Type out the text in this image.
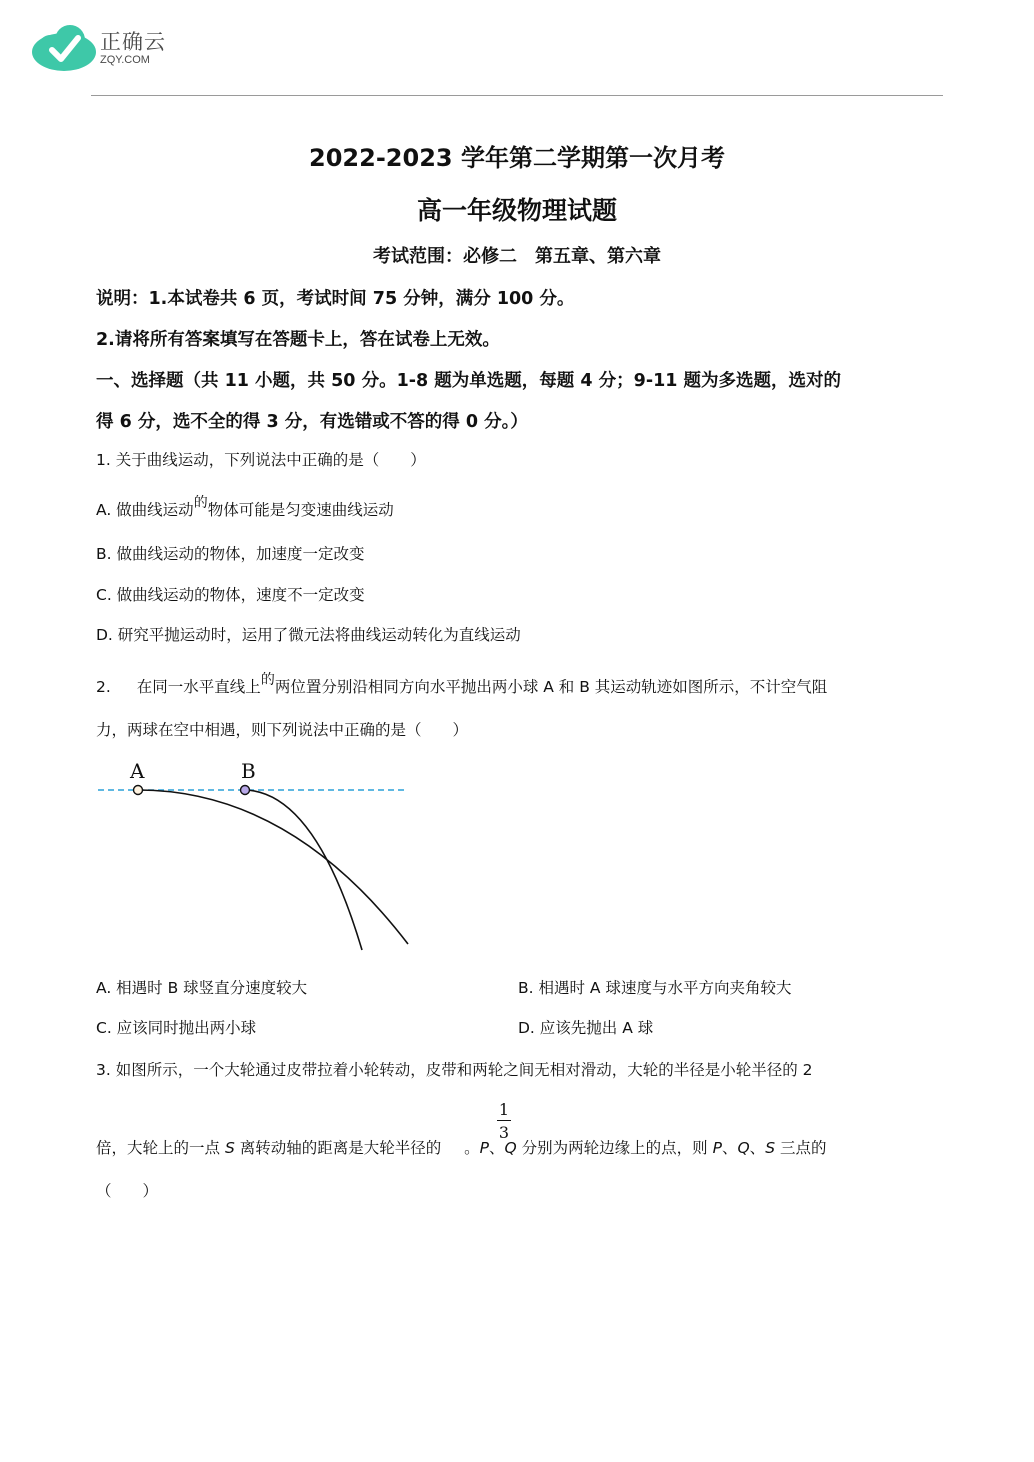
正确云
ZQY.COM
2022-2023 学年第二学期第一次月考
高一年级物理试题
考试范围：必修二　第五章、第六章
说明：1.本试卷共 6 页，考试时间 75 分钟，满分 100 分。
2.请将所有答案填写在答题卡上，答在试卷上无效。
一、选择题（共 11 小题，共 50 分。1-8 题为单选题，每题 4 分；9-11 题为多选题，选对的
得 6 分，选不全的得 3 分，有选错或不答的得 0 分。）
1. 关于曲线运动，下列说法中正确的是（　　）
A. 做曲线运动的物体可能是匀变速曲线运动
B. 做曲线运动的物体，加速度一定改变
C. 做曲线运动的物体，速度不一定改变
D. 研究平抛运动时，运用了微元法将曲线运动转化为直线运动
2. 在同一水平直线上的两位置分别沿相同方向水平抛出两小球 A 和 B 其运动轨迹如图所示，不计空气阻
力，两球在空中相遇，则下列说法中正确的是（　　）
A	B
A. 相遇时 B 球竖直分速度较大	B. 相遇时 A 球速度与水平方向夹角较大
C. 应该同时抛出两小球	D. 应该先抛出 A 球
3. 如图所示，一个大轮通过皮带拉着小轮转动，皮带和两轮之间无相对滑动，大轮的半径是小轮半径的 2
$\frac{1}{3}$
倍，大轮上的一点 S 离转动轴的距离是大轮半径的 。P、Q 分别为两轮边缘上的点，则 P、Q、S 三点的
（　　）
